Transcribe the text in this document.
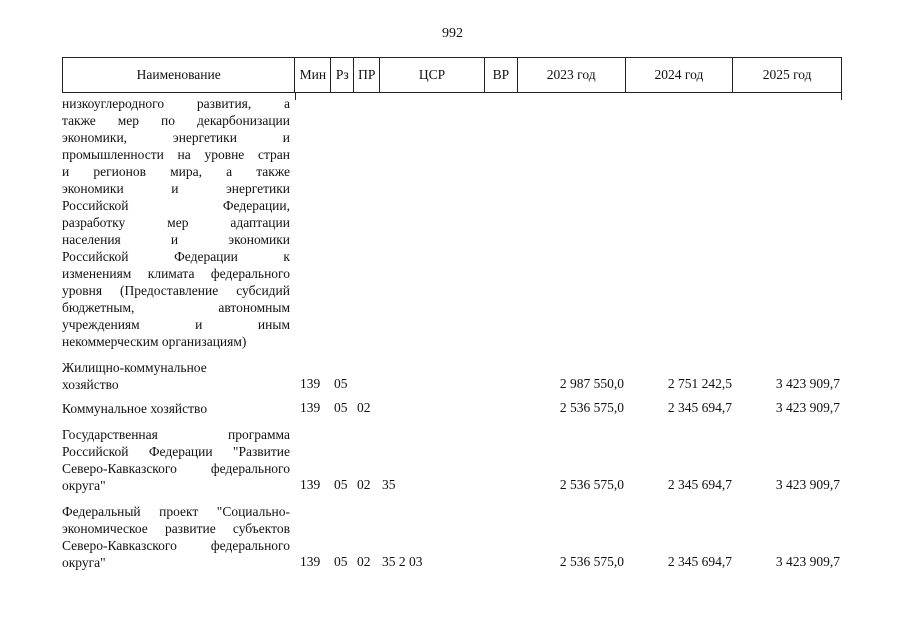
992
Наименование	Мин Рз ПР	ЦСР	ВР	2023 год	2024 год	2025 год
низкоуглеродного развития, а
также мер по декарбонизации
экономики, энергетики и
промышленности на уровне стран
и регионов мира, а также
экономики и энергетики
Российской Федерации,
разработку мер адаптации
населения и экономики
Российской Федерации к
изменениям климата федерального
уровня (Предоставление субсидий
бюджетным, автономным
учреждениям и иным
некоммерческим организациям)
Жилищно-коммунальное
хозяйство	139 05	2 987 550,0	2 751 242,5	3 423 909,7
Коммунальное хозяйство	139 05 02	2 536 575,0	2 345 694,7	3 423 909,7
Государственная программа
Российской Федерации "Развитие
Северо-Кавказского федерального
округа"	139 05 02 35	2 536 575,0	2 345 694,7	3 423 909,7
Федеральный проект "Социально-
экономическое развитие субъектов
Северо-Кавказского федерального
округа"	139 05 02 35 2 03	2 536 575,0	2 345 694,7	3 423 909,7
